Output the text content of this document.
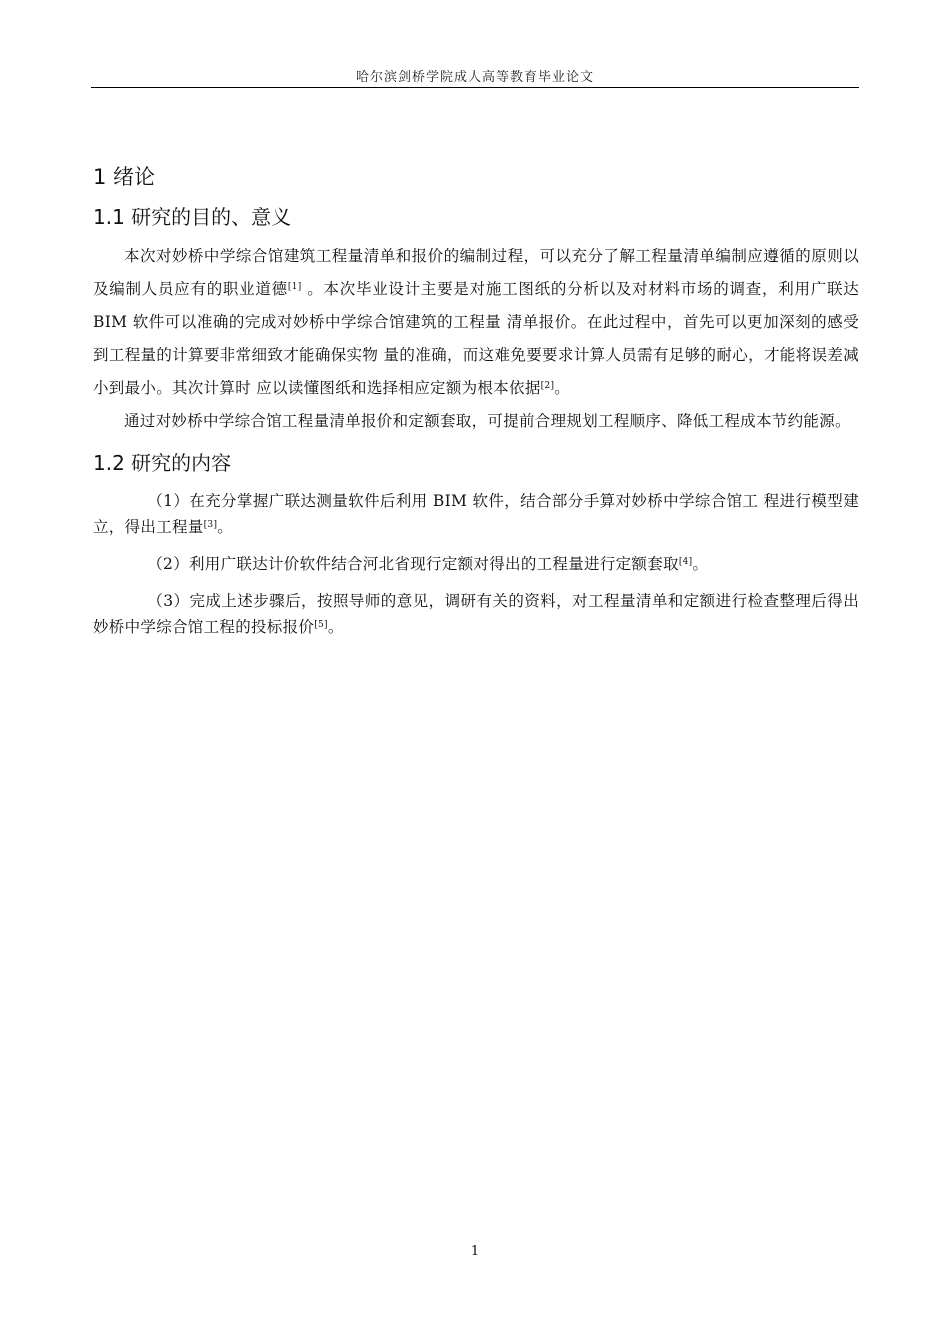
哈尔滨剑桥学院成人高等教育毕业论文
1 绪论
1.1 研究的目的、意义

本次对妙桥中学综合馆建筑工程量清单和报价的编制过程，可以充分了解工程量清单编制应遵循的原则以及编制人员应有的职业道德[1] 。本次毕业设计主要是对施工图纸的分析以及对材料市场的调查，利用广联达 BIM 软件可以准确的完成对妙桥中学综合馆建筑的工程量 清单报价。在此过程中，首先可以更加深刻的感受到工程量的计算要非常细致才能确保实物 量的准确，而这难免要要求计算人员需有足够的耐心，才能将误差减小到最小。其次计算时 应以读懂图纸和选择相应定额为根本依据[2]。

通过对妙桥中学综合馆工程量清单报价和定额套取，可提前合理规划工程顺序、降低工程成本节约能源。

1.2 研究的内容

（1）在充分掌握广联达测量软件后利用 BIM 软件，结合部分手算对妙桥中学综合馆工 程进行模型建立，得出工程量[3]。

（2）利用广联达计价软件结合河北省现行定额对得出的工程量进行定额套取[4]。

（3）完成上述步骤后，按照导师的意见，调研有关的资料，对工程量清单和定额进行检查整理后得出妙桥中学综合馆工程的投标报价[5]。

1
